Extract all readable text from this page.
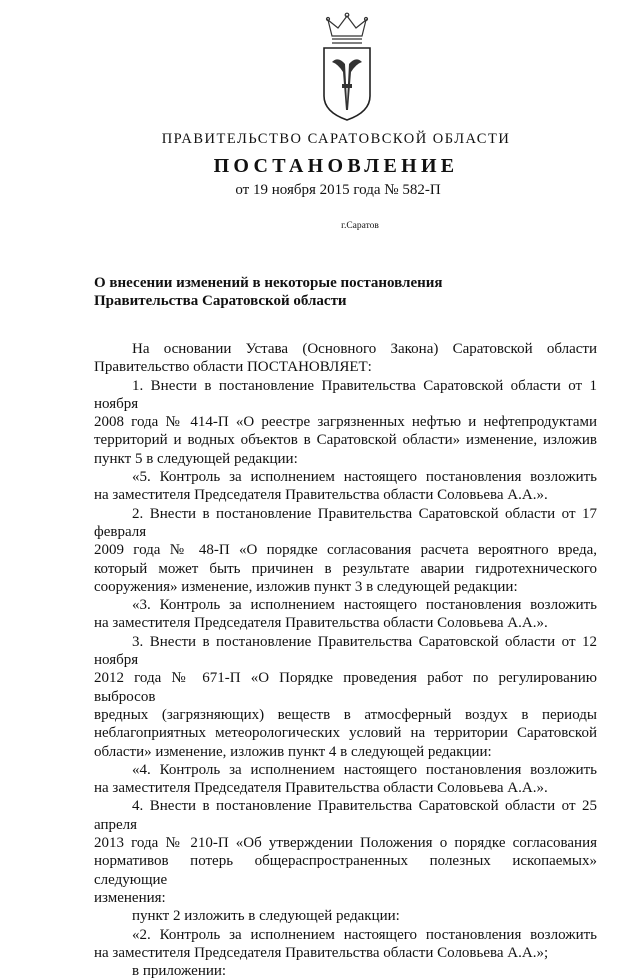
ПРАВИТЕЛЬСТВО САРАТОВСКОЙ ОБЛАСТИ
ПОСТАНОВЛЕНИЕ
от 19 ноября 2015 года № 582-П
г.Саратов
О внесении изменений в некоторые постановления
Правительства Саратовской области

На основании Устава (Основного Закона) Саратовской области

Правительство области ПОСТАНОВЛЯЕТ:

1. Внести в постановление Правительства Саратовской области от 1 ноября

2008 года № 414-П «О реестре загрязненных нефтью и нефтепродуктами

территорий и водных объектов в Саратовской области» изменение, изложив

пункт 5 в следующей редакции:

«5. Контроль за исполнением настоящего постановления возложить

на заместителя Председателя Правительства области Соловьева А.А.».

2. Внести в постановление Правительства Саратовской области от 17 февраля

2009 года № 48-П «О порядке согласования расчета вероятного вреда,

который может быть причинен в результате аварии гидротехнического

сооружения» изменение, изложив пункт 3 в следующей редакции:

«3. Контроль за исполнением настоящего постановления возложить

на заместителя Председателя Правительства области Соловьева А.А.».

3. Внести в постановление Правительства Саратовской области от 12 ноября

2012 года № 671-П «О Порядке проведения работ по регулированию выбросов

вредных (загрязняющих) веществ в атмосферный воздух в периоды

неблагоприятных метеорологических условий на территории Саратовской

области» изменение, изложив пункт 4 в следующей редакции:

«4. Контроль за исполнением настоящего постановления возложить

на заместителя Председателя Правительства области Соловьева А.А.».

4. Внести в постановление Правительства Саратовской области от 25 апреля

2013 года № 210-П «Об утверждении Положения о порядке согласования

нормативов потерь общераспространенных полезных ископаемых» следующие

изменения:

пункт 2 изложить в следующей редакции:

«2. Контроль за исполнением настоящего постановления возложить

на заместителя Председателя Правительства области Соловьева А.А.»;

в приложении:
